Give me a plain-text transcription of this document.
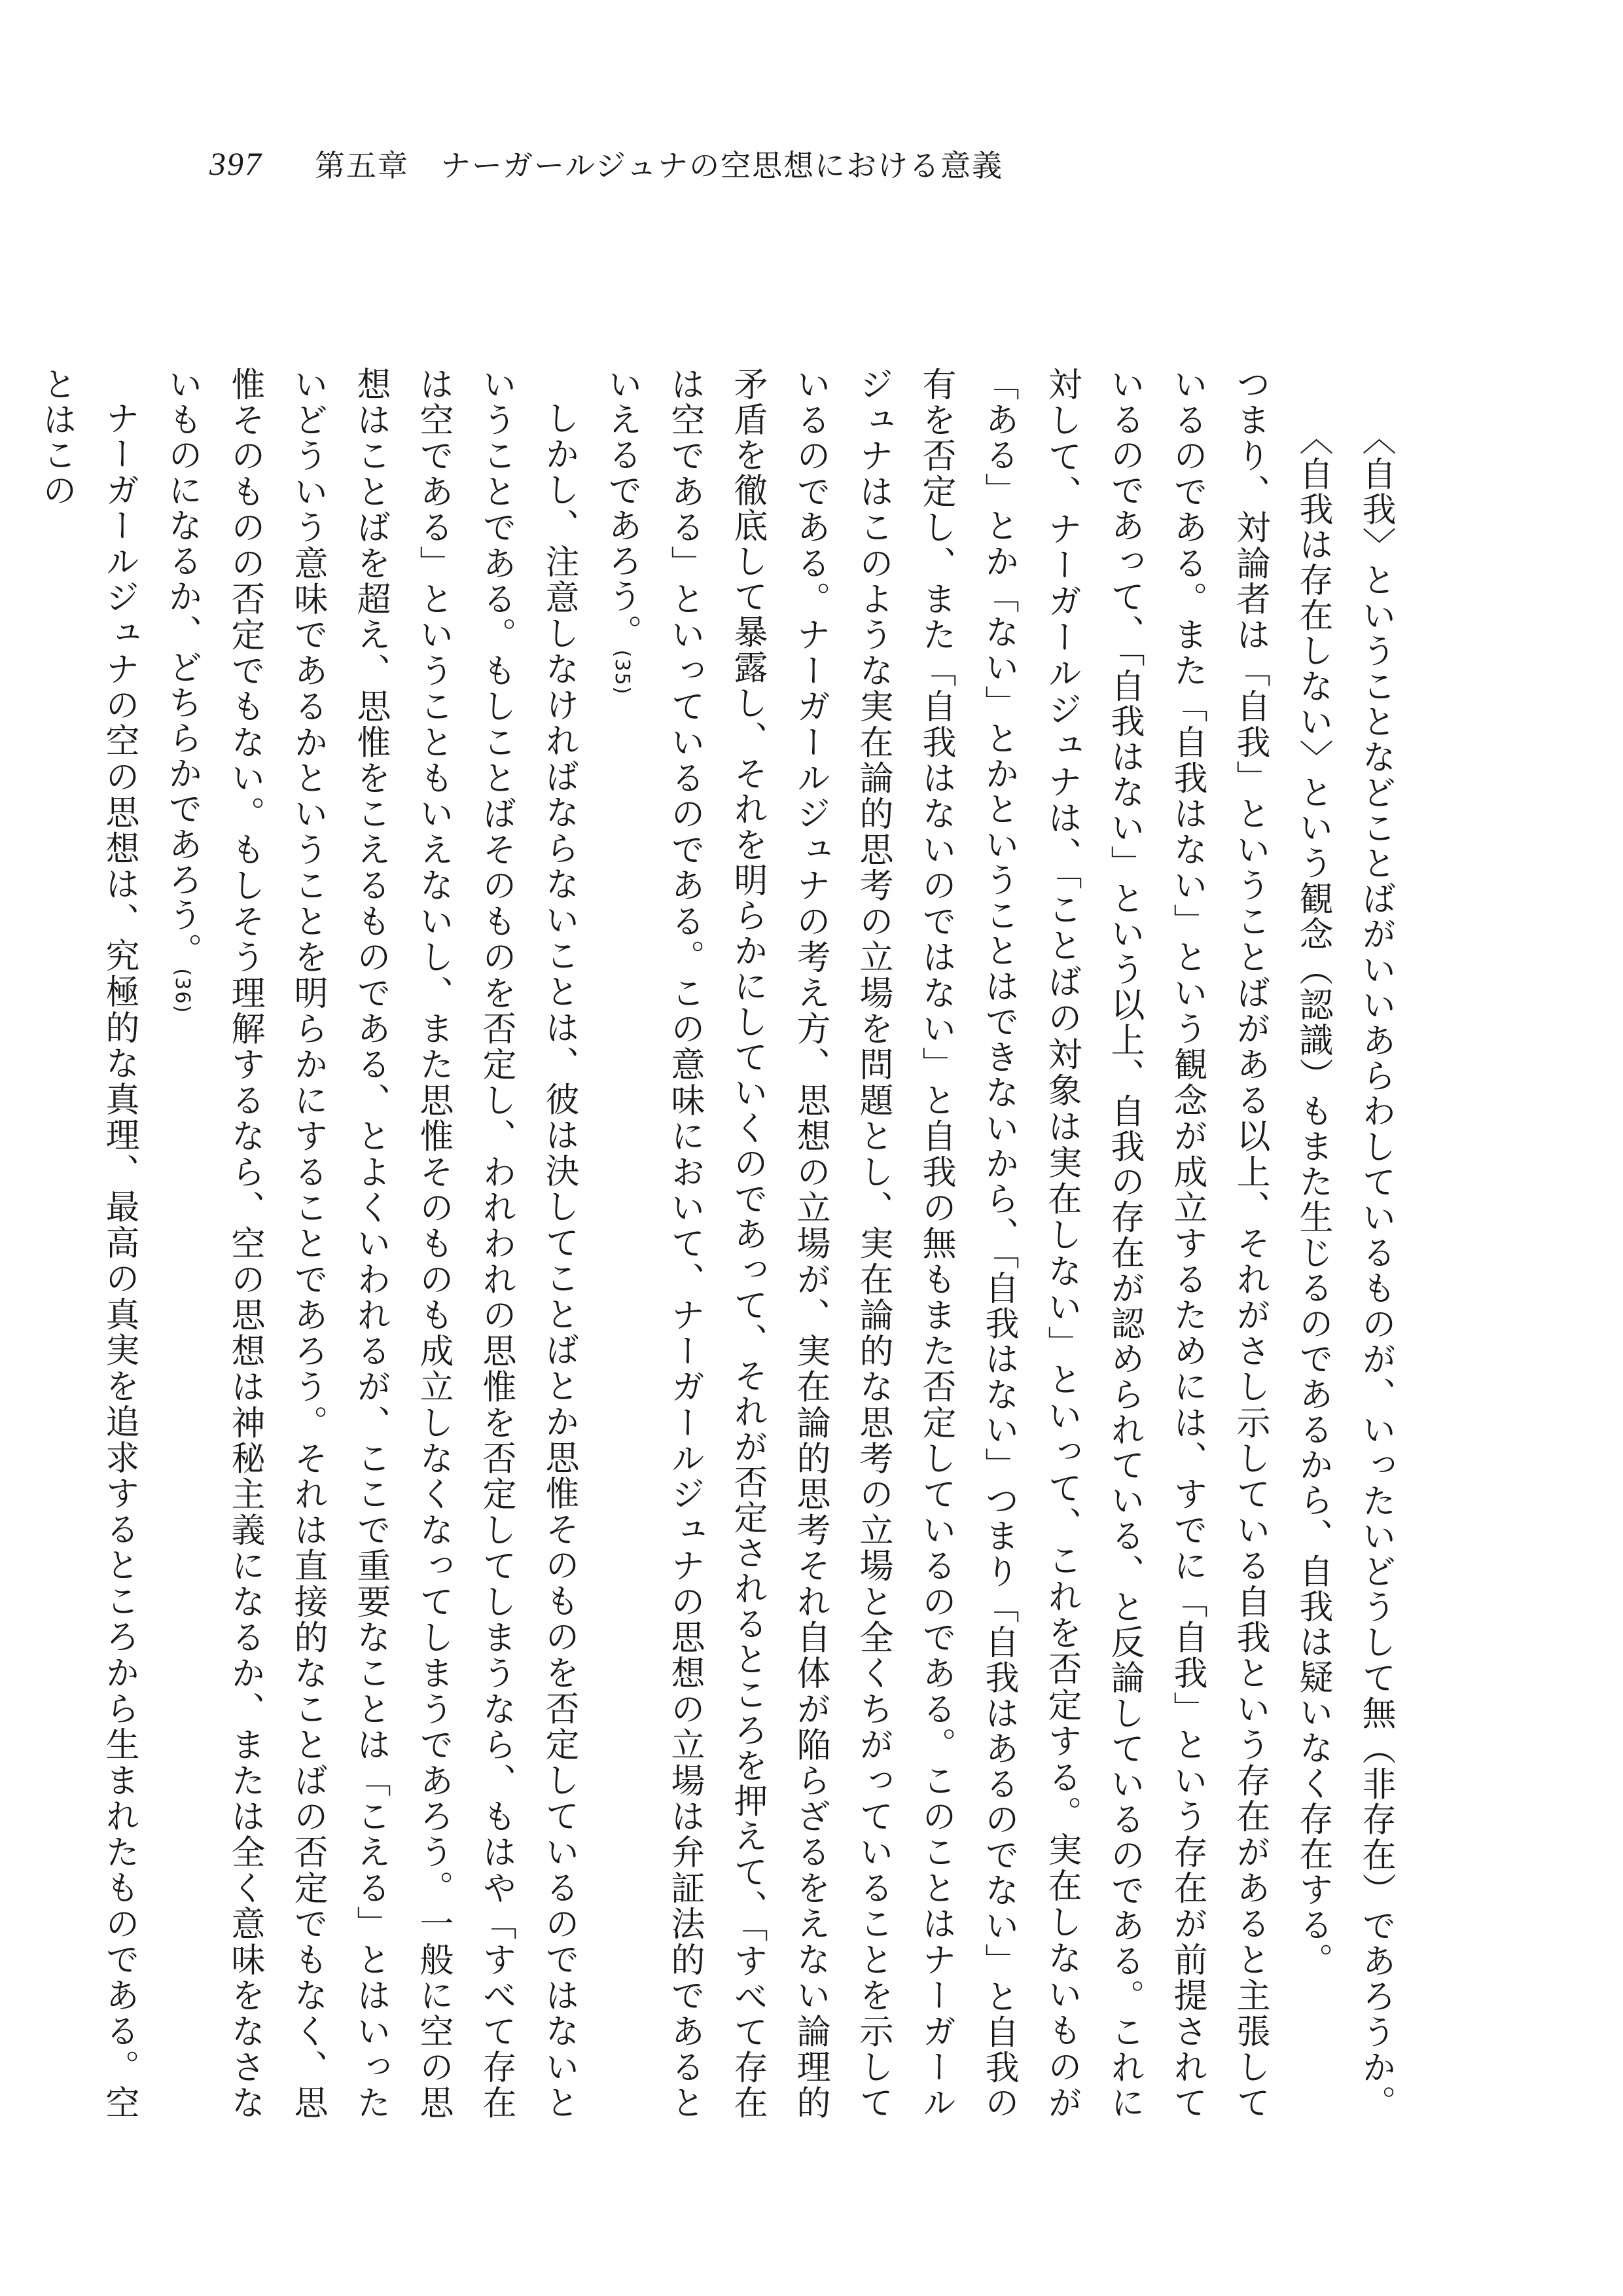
397 第五章　ナーガールジュナの空思想における意義

〈自我〉ということなどことばがいいあらわしているものが、いったいどうして無（非存在）であろうか。〈自我は存在しない〉という観念（認識）もまた生じるのであるから、自我は疑いなく存在する。

つまり、対論者は「自我」ということばがある以上、それがさし示している自我という存在があると主張しているのである。また「自我はない」という観念が成立するためには、すでに「自我」という存在が前提されているのであって、「自我はない」という以上、自我の存在が認められている、と反論しているのである。これに対して、ナーガールジュナは、「ことばの対象は実在しない」といって、これを否定する。実在しないものが「ある」とか「ない」とかということはできないから、「自我はない」つまり「自我はあるのでない」と自我の有を否定し、また「自我はないのではない」と自我の無もまた否定しているのである。このことはナーガールジュナはこのような実在論的思考の立場を問題とし、実在論的な思考の立場と全くちがっていることを示しているのである。ナーガールジュナの考え方、思想の立場が、実在論的思考それ自体が陥らざるをえない論理的矛盾を徹底して暴露し、それを明らかにしていくのであって、それが否定されるところを押えて、「すべて存在は空である」といっているのである。この意味において、ナーガールジュナの思想の立場は弁証法的であるといえるであろう。(35)

しかし、注意しなければならないことは、彼は決してことばとか思惟そのものを否定しているのではないということである。もしことばそのものを否定し、われわれの思惟を否定してしまうなら、もはや「すべて存在は空である」ということもいえないし、また思惟そのものも成立しなくなってしまうであろう。一般に空の思想はことばを超え、思惟をこえるものである、とよくいわれるが、ここで重要なことは「こえる」とはいったいどういう意味であるかということを明らかにすることであろう。それは直接的なことばの否定でもなく、思惟そのものの否定でもない。もしそう理解するなら、空の思想は神秘主義になるか、または全く意味をなさないものになるか、どちらかであろう。(36)

ナーガールジュナの空の思想は、究極的な真理、最高の真実を追求するところから生まれたものである。空とはこの
